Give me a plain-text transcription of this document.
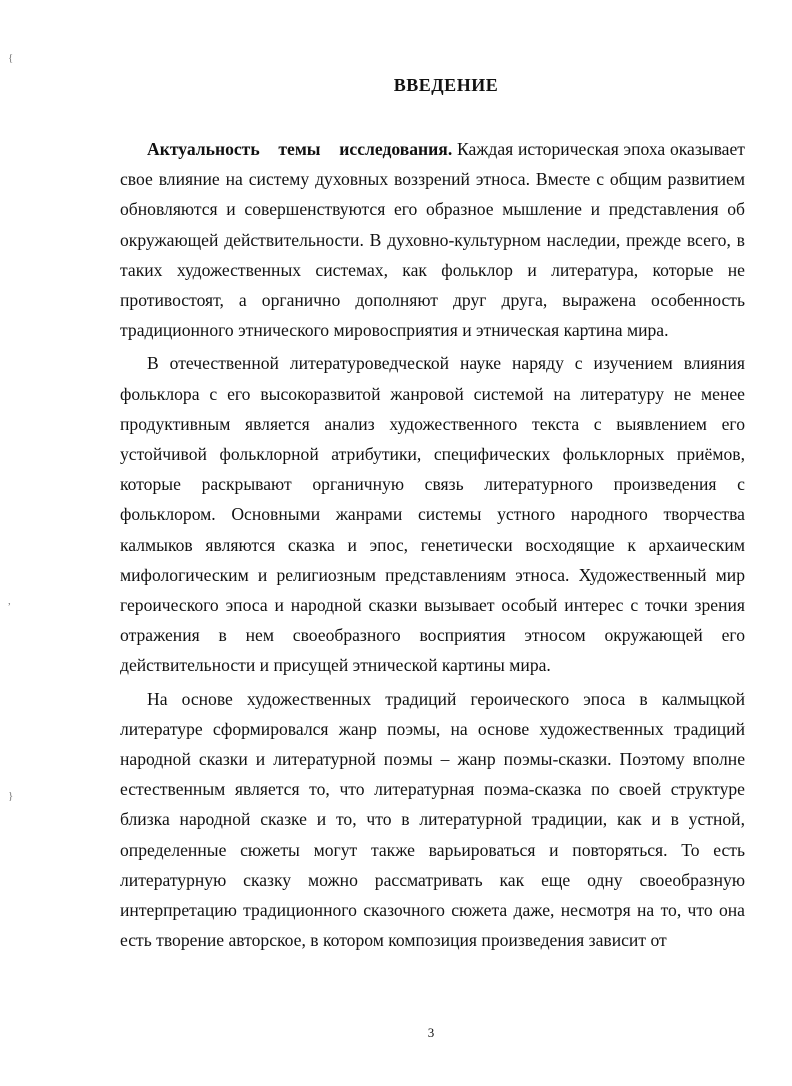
{
,
}
ВВЕДЕНИЕ

Актуальность темы исследования. Каждая историческая эпоха оказывает свое влияние на систему духовных воззрений этноса. Вместе с общим развитием обновляются и совершенствуются его образное мышление и представления об окружающей действительности. В духовно-культурном наследии, прежде всего, в таких художественных системах, как фольклор и литература, которые не противостоят, а органично дополняют друг друга, выражена особенность традиционного этнического мировосприятия и этническая картина мира.

В отечественной литературоведческой науке наряду с изучением влияния фольклора с его высокоразвитой жанровой системой на литературу не менее продуктивным является анализ художественного текста с выявлением его устойчивой фольклорной атрибутики, специфических фольклорных приёмов, которые раскрывают органичную связь литературного произведения с фольклором. Основными жанрами системы устного народного творчества калмыков являются сказка и эпос, генетически восходящие к архаическим мифологическим и религиозным представлениям этноса. Художественный мир героического эпоса и народной сказки вызывает особый интерес с точки зрения отражения в нем своеобразного восприятия этносом окружающей его действительности и присущей этнической картины мира.

На основе художественных традиций героического эпоса в калмыцкой литературе сформировался жанр поэмы, на основе художественных традиций народной сказки и литературной поэмы – жанр поэмы-сказки. Поэтому вполне естественным является то, что литературная поэма-сказка по своей структуре близка народной сказке и то, что в литературной традиции, как и в устной, определенные сюжеты могут также варьироваться и повторяться. То есть литературную сказку можно рассматривать как еще одну своеобразную интерпретацию традиционного сказочного сюжета даже, несмотря на то, что она есть творение авторское, в котором композиция произведения зависит от

3
